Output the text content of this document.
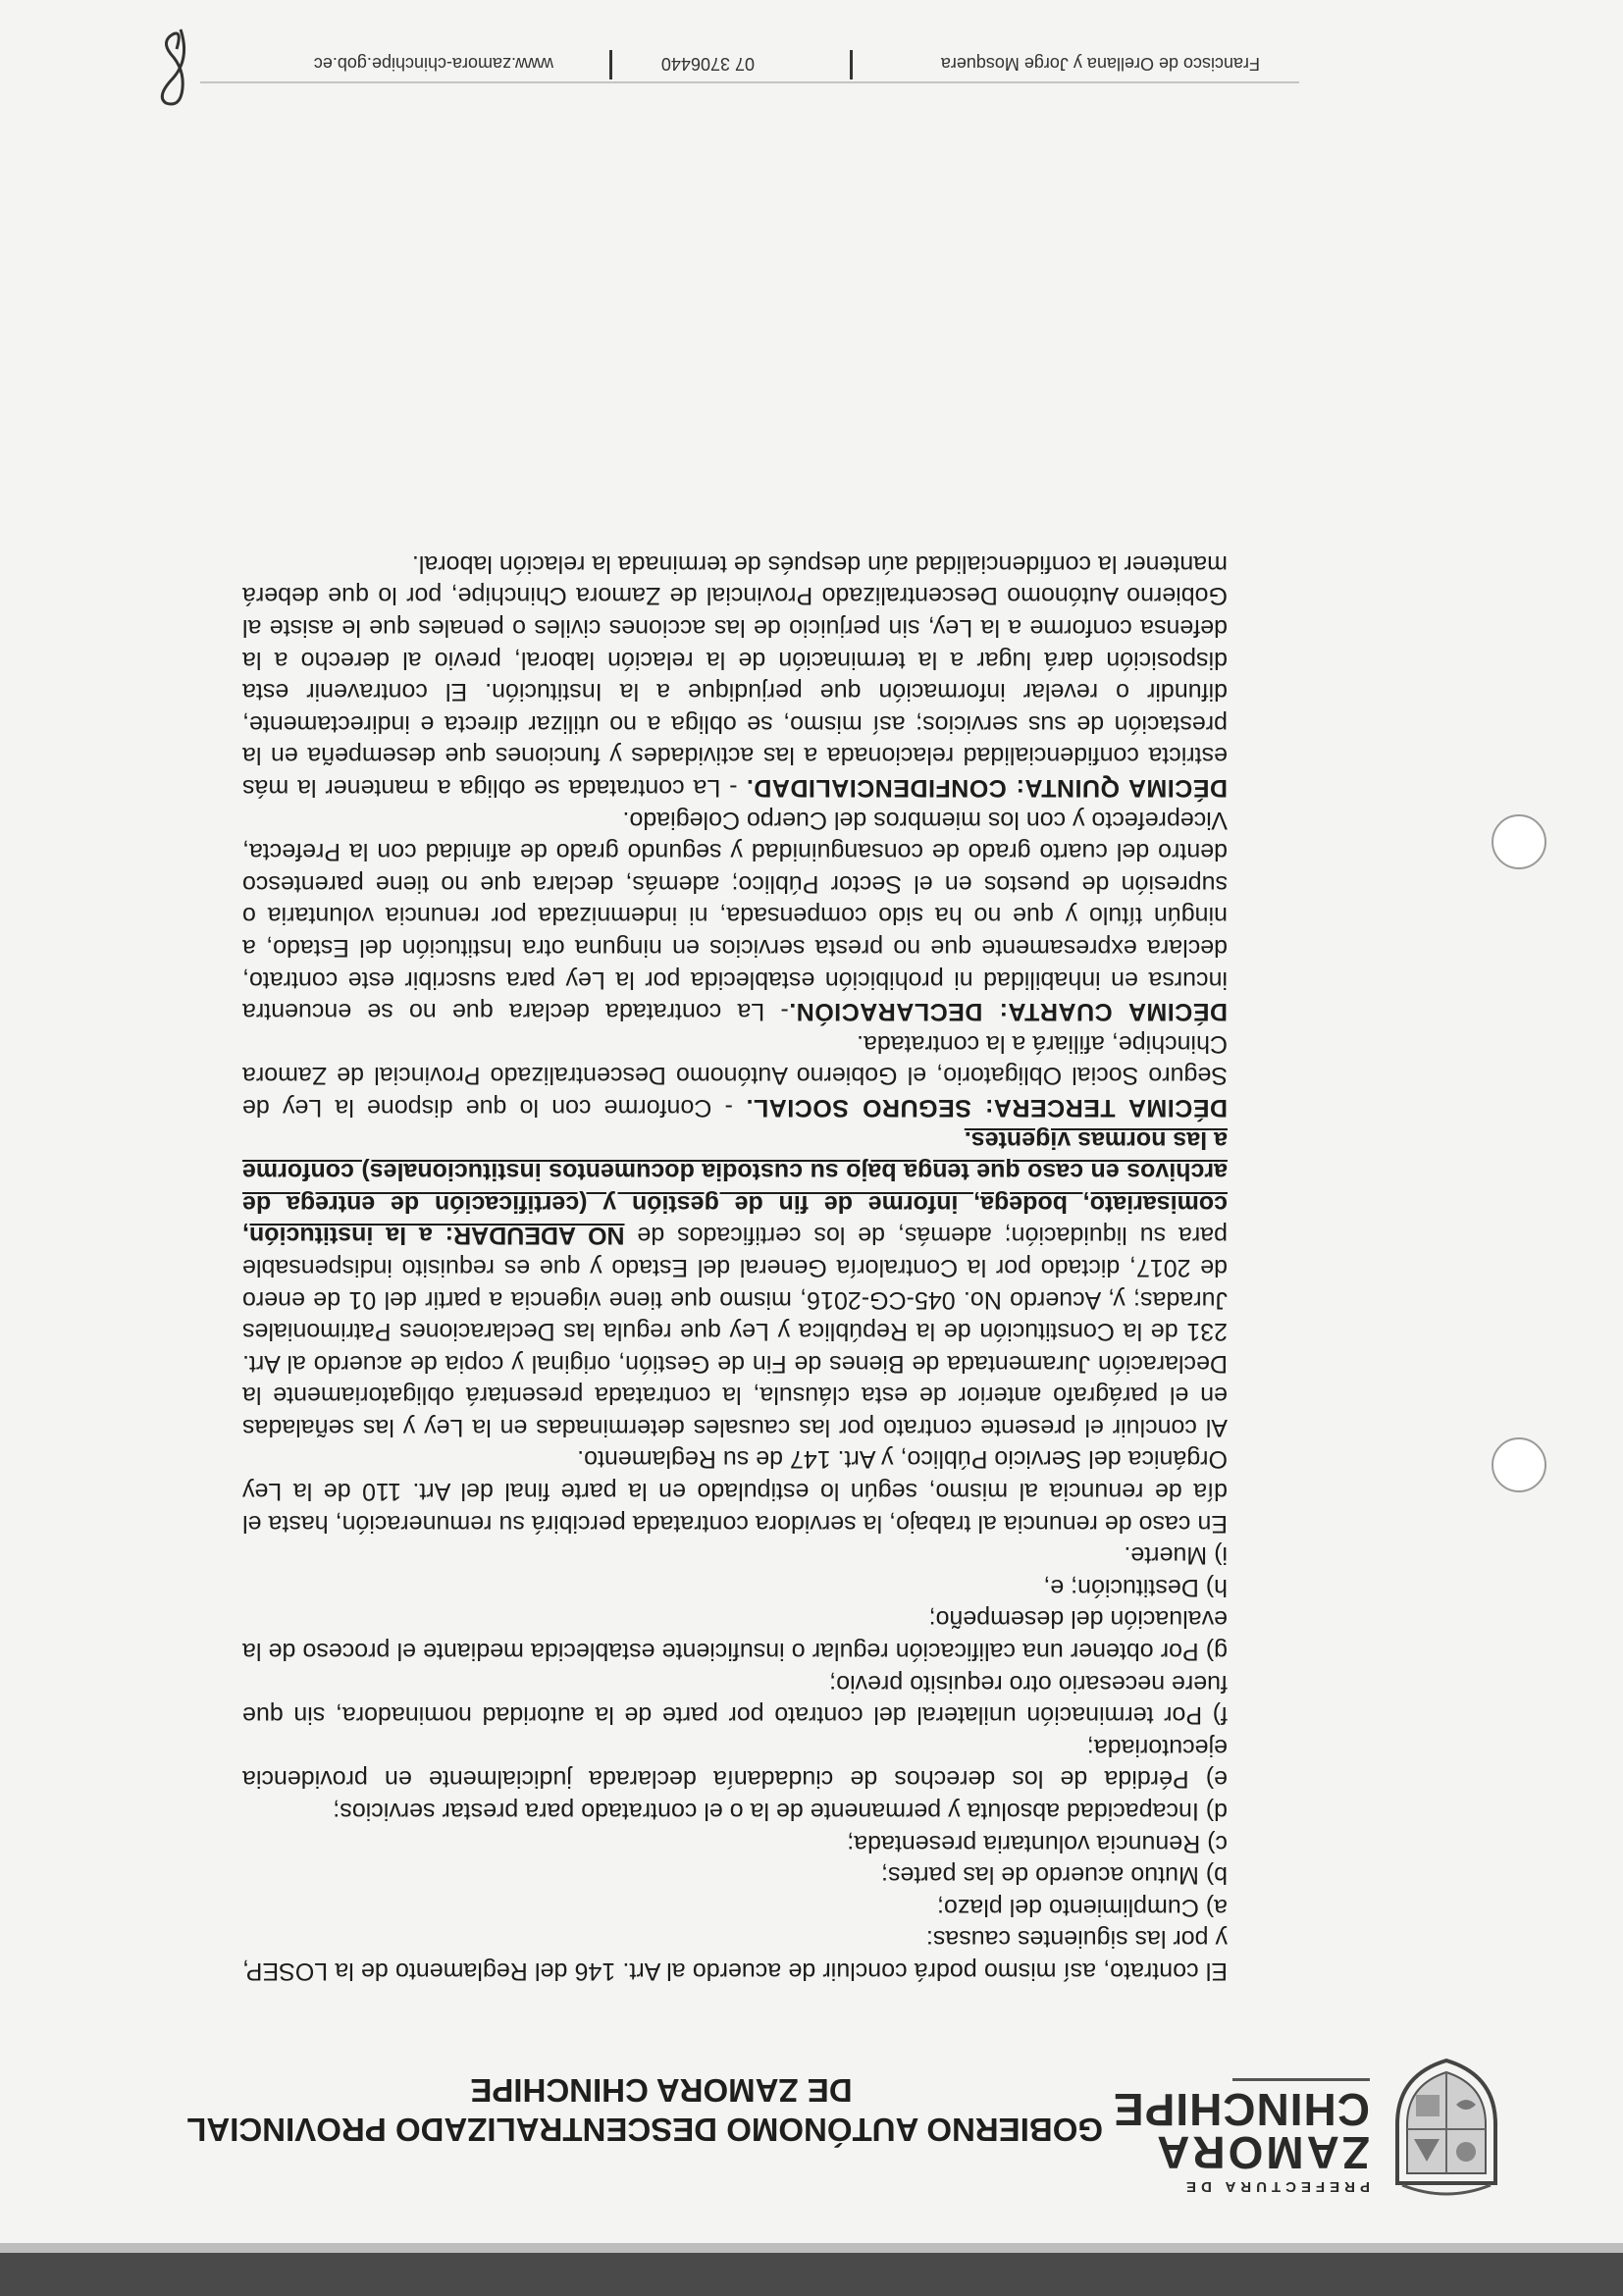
PREFECTURA DE
ZAMORA
CHINCHIPE
GOBIERNO AUTÓNOMO DESCENTRALIZADO PROVINCIAL
DE ZAMORA CHINCHIPE

El contrato, así mismo podrá concluir de acuerdo al Art. 146 del Reglamento de la LOSEP, y por las siguientes causas:

a) Cumplimiento del plazo;

b) Mutuo acuerdo de las partes;

c) Renuncia voluntaria presentada;

d) Incapacidad absoluta y permanente de la o el contratado para prestar servicios;

e) Pérdida de los derechos de ciudadanía declarada judicialmente en providencia ejecutoriada;

f) Por terminación unilateral del contrato por parte de la autoridad nominadora, sin que fuere necesario otro requisito previo;

g) Por obtener una calificación regular o insuficiente establecida mediante el proceso de la evaluación del desempeño;

h) Destitución; e,

i) Muerte.

En caso de renuncia al trabajo, la servidora contratada percibirá su remuneración, hasta el día de renuncia al mismo, según lo estipulado en la parte final del Art. 110 de la Ley Orgánica del Servicio Público, y Art. 147 de su Reglamento.

Al concluir el presente contrato por las causales determinadas en la Ley y las señaladas en el parágrafo anterior de esta cláusula, la contratada presentará obligatoriamente la Declaración Juramentada de Bienes de Fin de Gestión, original y copia de acuerdo al Art. 231 de la Constitución de la República y Ley que regula las Declaraciones Patrimoniales Juradas; y, Acuerdo No. 045-CG-2016, mismo que tiene vigencia a partir del 01 de enero de 2017, dictado por la Contraloría General del Estado y que es requisito indispensable para su liquidación; además, de los certificados de NO ADEUDAR: a la institución, comisariato, bodega, informe de fin de gestión y (certificación de entrega de archivos en caso que tenga bajo su custodia documentos institucionales) conforme a las normas vigentes.

DÉCIMA TERCERA: SEGURO SOCIAL. - Conforme con lo que dispone la Ley de Seguro Social Obligatorio, el Gobierno Autónomo Descentralizado Provincial de Zamora Chinchipe, afiliará a la contratada.

DÉCIMA CUARTA: DECLARACIÓN.- La contratada declara que no se encuentra incursa en inhabilidad ni prohibición establecida por la Ley para suscribir este contrato, declara expresamente que no presta servicios en ninguna otra Institución del Estado, a ningún título y que no ha sido compensada, ni indemnizada por renuncia voluntaria o supresión de puestos en el Sector Público; además, declara que no tiene parentesco dentro del cuarto grado de consanguinidad y segundo grado de afinidad con la Prefecta, Viceprefecto y con los miembros del Cuerpo Colegiado.

DÉCIMA QUINTA: CONFIDENCIALIDAD. - La contratada se obliga a mantener la más estricta confidencialidad relacionada a las actividades y funciones que desempeña en la prestación de sus servicios; así mismo, se obliga a no utilizar directa e indirectamente, difundir o revelar información que perjudique a la Institución. El contravenir esta disposición dará lugar a la terminación de la relación laboral, previo al derecho a la defensa conforme a la Ley, sin perjuicio de las acciones civiles o penales que le asiste al Gobierno Autónomo Descentralizado Provincial de Zamora Chinchipe, por lo que deberá mantener la confidencialidad aún después de terminada la relación laboral.

Francisco de Orellana y Jorge Mosquera
07 3706440
www.zamora-chinchipe.gob.ec
